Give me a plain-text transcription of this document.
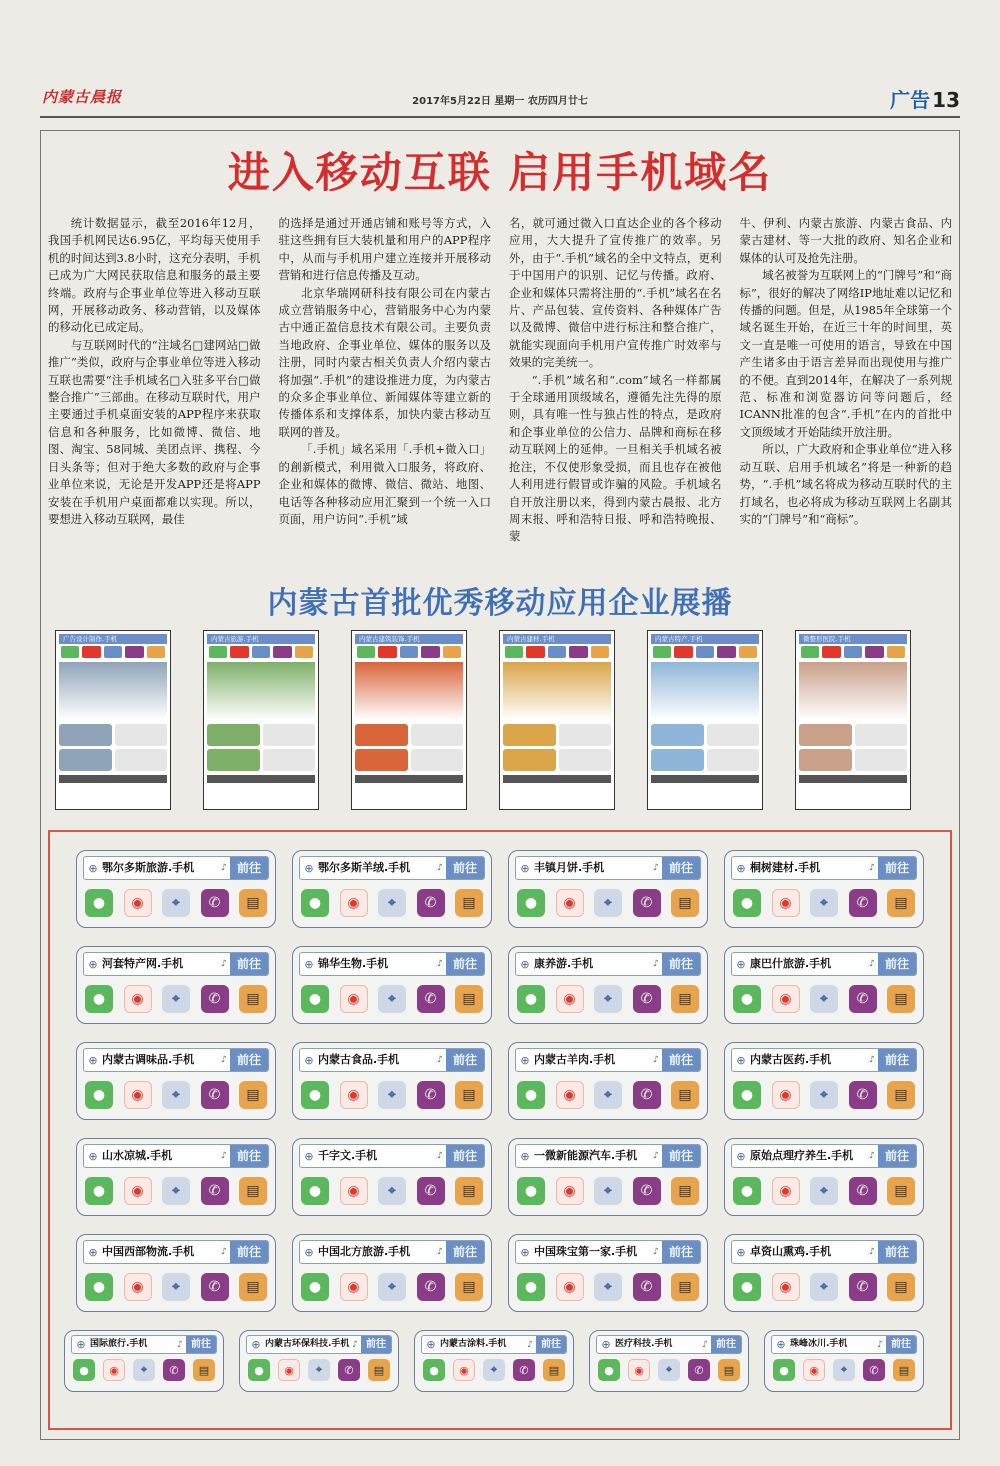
内蒙古晨报	2017年5月22日 星期一 农历四月廿七	广告 13
进入移动互联 启用手机域名

统计数据显示，截至2016年12月，我国手机网民达6.95亿，平均每天使用手机的时间达到3.8小时，这充分表明，手机已成为广大网民获取信息和服务的最主要终端。政府与企事业单位等进入移动互联网，开展移动政务、移动营销，以及媒体的移动化已成定局。

与互联网时代的“注域名□建网站□做推广”类似，政府与企事业单位等进入移动互联也需要“注手机域名□入驻多平台□做整合推广”三部曲。在移动互联时代，用户主要通过手机桌面安装的APP程序来获取信息和各种服务，比如微博、微信、地图、淘宝、58同城、美团点评、携程、今日头条等；但对于绝大多数的政府与企事业单位来说，无论是开发APP还是将APP安装在手机用户桌面都难以实现。所以，要想进入移动互联网，最佳

的选择是通过开通店铺和账号等方式，入驻这些拥有巨大装机量和用户的APP程序中，从而与手机用户建立连接并开展移动营销和进行信息传播及互动。

北京华瑞网研科技有限公司在内蒙古成立营销服务中心，营销服务中心为内蒙古中通正盈信息技术有限公司。主要负责当地政府、企事业单位、媒体的服务以及注册，同时内蒙古相关负责人介绍内蒙古将加强“.手机”的建设推进力度，为内蒙古的众多企事业单位、新闻媒体等建立新的传播体系和支撑体系，加快内蒙古移动互联网的普及。

「.手机」域名采用「.手机+微入口」的創新模式，利用微入口服务，将政府、企业和媒体的微博、微信、微站、地图、电话等各种移动应用汇聚到一个统一入口页面，用户访问“.手机”域

名，就可通过微入口直达企业的各个移动应用，大大提升了宣传推广的效率。另外，由于“.手机”域名的全中文特点，更利于中国用户的识别、记忆与传播。政府、企业和媒体只需将注册的“.手机”域名在名片、产品包装、宣传资料、各种媒体广告以及微博、微信中进行标注和整合推广，就能实现面向手机用户宣传推广时效率与效果的完美统一。

“.手机”域名和“.com”域名一样都属于全球通用顶级域名，遵循先注先得的原则，具有唯一性与独占性的特点，是政府和企事业单位的公信力、品牌和商标在移动互联网上的延伸。一旦相关手机域名被抢注，不仅使形象受损，而且也存在被他人利用进行假冒或诈骗的风险。手机域名自开放注册以来，得到内蒙古晨报、北方周末报、呼和浩特日报、呼和浩特晚报、蒙

牛、伊利、内蒙古旅游、内蒙古食品、内蒙古建材、等一大批的政府、知名企业和媒体的认可及抢先注册。

域名被誉为互联网上的“门牌号”和“商标”，很好的解决了网络IP地址难以记忆和传播的问题。但是，从1985年全球第一个域名诞生开始，在近三十年的时间里，英文一直是唯一可使用的语言，导致在中国产生诸多由于语言差异而出现使用与推广的不便。直到2014年，在解决了一系列规范、标准和浏览器访问等问题后，经ICANN批准的包含“.手机”在内的首批中文顶级域才开始陆续开放注册。

所以，广大政府和企事业单位“进入移动互联、启用手机域名”将是一种新的趋势，“.手机”域名将成为移动互联时代的主打域名，也必将成为移动互联网上名副其实的“门牌号”和“商标”。

内蒙古首批优秀移动应用企业展播
广告设计制作.手机	内蒙古旅游.手机	内蒙古建筑装饰.手机	内蒙古建材.手机	内蒙古特产.手机	微整形医院.手机
⊕ 鄂尔多斯旅游.手机	♪ 前往
●	◉	⌖	✆	▤
⊕ 鄂尔多斯羊绒.手机	♪ 前往
●	◉	⌖	✆	▤
⊕ 丰镇月饼.手机	♪ 前往
●	◉	⌖	✆	▤
⊕ 桐树建材.手机	♪ 前往
●	◉	⌖	✆	▤
⊕ 河套特产网.手机	♪ 前往
●	◉	⌖	✆	▤
⊕ 锦华生物.手机	♪ 前往
●	◉	⌖	✆	▤
⊕ 康养游.手机	♪ 前往
●	◉	⌖	✆	▤
⊕ 康巴什旅游.手机	♪ 前往
●	◉	⌖	✆	▤
⊕ 内蒙古调味品.手机	♪ 前往
●	◉	⌖	✆	▤
⊕ 内蒙古食品.手机	♪ 前往
●	◉	⌖	✆	▤
⊕ 内蒙古羊肉.手机	♪ 前往
●	◉	⌖	✆	▤
⊕ 内蒙古医药.手机	♪ 前往
●	◉	⌖	✆	▤
⊕ 山水凉城.手机	♪ 前往
●	◉	⌖	✆	▤
⊕ 千字文.手机	♪ 前往
●	◉	⌖	✆	▤
⊕ 一微新能源汽车.手机	♪ 前往
●	◉	⌖	✆	▤
⊕ 原始点理疗养生.手机	♪ 前往
●	◉	⌖	✆	▤
⊕ 中国西部物流.手机	♪ 前往
●	◉	⌖	✆	▤
⊕ 中国北方旅游.手机	♪ 前往
●	◉	⌖	✆	▤
⊕ 中国珠宝第一家.手机	♪ 前往
●	◉	⌖	✆	▤
⊕ 卓资山熏鸡.手机	♪ 前往
●	◉	⌖	✆	▤
⊕ 国际旅行.手机	♪ 前往
●	◉	⌖	✆	▤
⊕ 内蒙古环保科技.手机 ♪ 前往
●	◉	⌖	✆	▤
⊕ 内蒙古涂料.手机	♪ 前往
●	◉	⌖	✆	▤
⊕ 医疗科技.手机	♪ 前往
●	◉	⌖	✆	▤
⊕ 珠峰冰川.手机	♪ 前往
●	◉	⌖	✆	▤
